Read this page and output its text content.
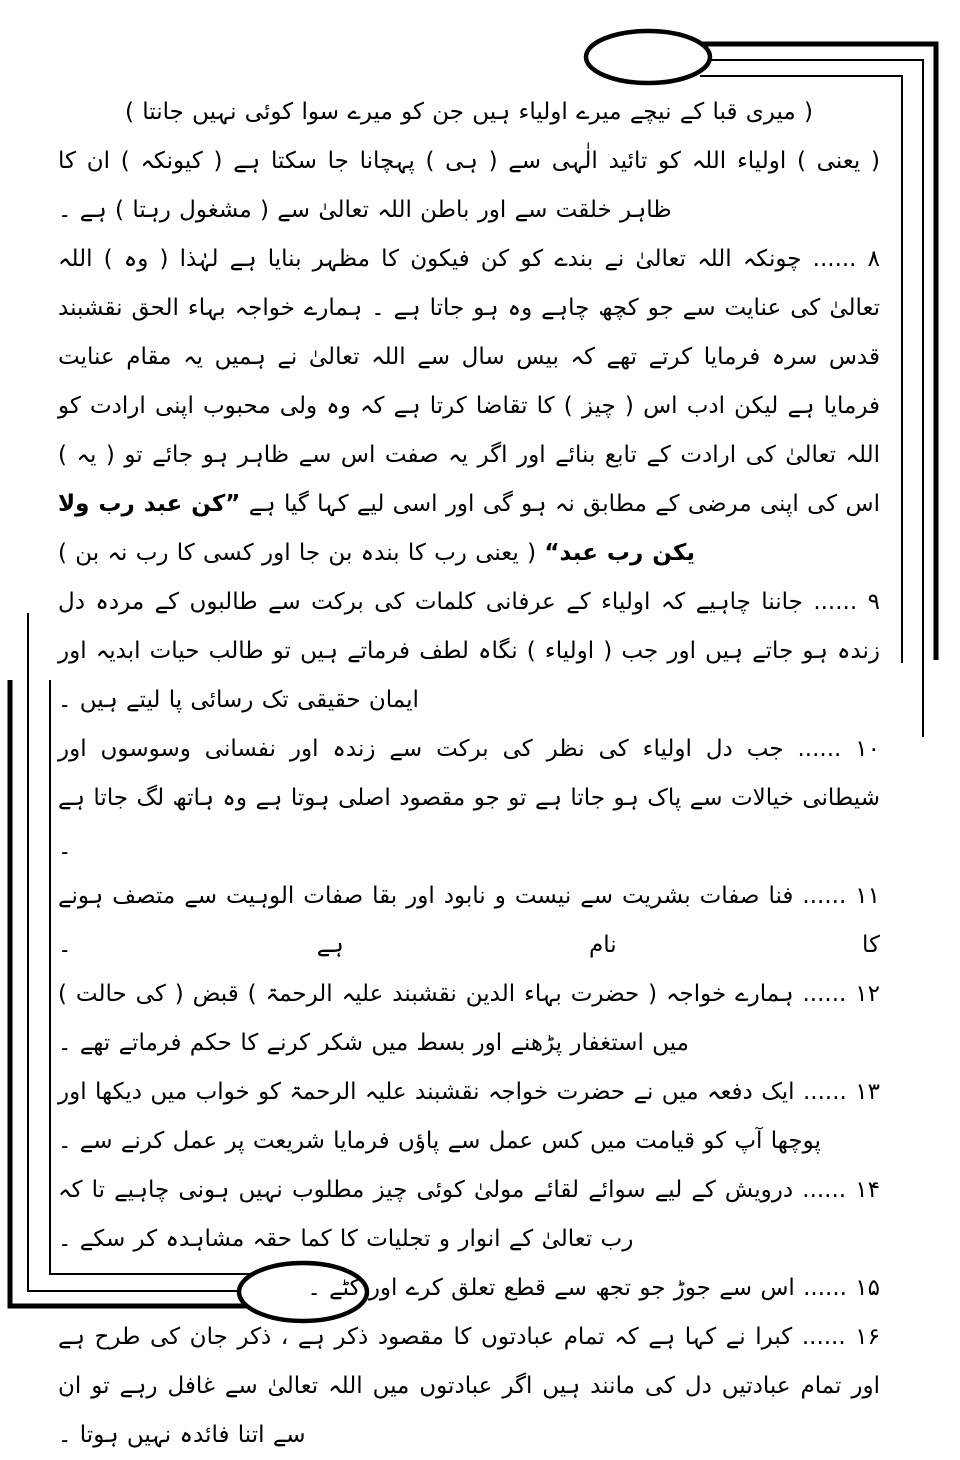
( میری قبا کے نیچے میرے اولیاء ہیں جن کو میرے سوا کوئی نہیں جانتا )

( یعنی ) اولیاء اللہ کو تائید الٰہی سے ( ہی ) پہچانا جا سکتا ہے ( کیونکہ ) ان کا ظاہر خلقت سے اور باطن اللہ تعالیٰ سے ( مشغول رہتا ) ہے ۔

۸ ...... چونکہ اللہ تعالیٰ نے بندے کو کن فیکون کا مظہر بنایا ہے لہٰذا ( وہ ) اللہ تعالیٰ کی عنایت سے جو کچھ چاہے وہ ہو جاتا ہے ۔ ہمارے خواجہ بہاء الحق نقشبند قدس سرہ فرمایا کرتے تھے کہ بیس سال سے اللہ تعالیٰ نے ہمیں یہ مقام عنایت فرمایا ہے لیکن ادب اس ( چیز ) کا تقاضا کرتا ہے کہ وہ ولی محبوب اپنی ارادت کو اللہ تعالیٰ کی ارادت کے تابع بنائے اور اگر یہ صفت اس سے ظاہر ہو جائے تو ( یہ ) اس کی اپنی مرضی کے مطابق نہ ہو گی اور اسی لیے کہا گیا ہے ”کن عبد رب ولا یکن رب عبد“ ( یعنی رب کا بندہ بن جا اور کسی کا رب نہ بن )

۹ ...... جاننا چاہیے کہ اولیاء کے عرفانی کلمات کی برکت سے طالبوں کے مردہ دل زندہ ہو جاتے ہیں اور جب ( اولیاء ) نگاہ لطف فرماتے ہیں تو طالب حیات ابدیہ اور ایمان حقیقی تک رسائی پا لیتے ہیں ۔

۱۰ ...... جب دل اولیاء کی نظر کی برکت سے زندہ اور نفسانی وسوسوں اور شیطانی خیالات سے پاک ہو جاتا ہے تو جو مقصود اصلی ہوتا ہے وہ ہاتھ لگ جاتا ہے ۔

۱۱ ...... فنا صفات بشریت سے نیست و نابود اور بقا صفات الوہیت سے متصف ہونے کا نام ہے ۔

۱۲ ...... ہمارے خواجہ ( حضرت بہاء الدین نقشبند علیہ الرحمۃ ) قبض ( کی حالت ) میں استغفار پڑھنے اور بسط میں شکر کرنے کا حکم فرماتے تھے ۔

۱۳ ...... ایک دفعہ میں نے حضرت خواجہ نقشبند علیہ الرحمۃ کو خواب میں دیکھا اور پوچھا آپ کو قیامت میں کس عمل سے پاؤں فرمایا شریعت پر عمل کرنے سے ۔

۱۴ ...... درویش کے لیے سوائے لقائے مولیٰ کوئی چیز مطلوب نہیں ہونی چاہیے تا کہ رب تعالیٰ کے انوار و تجلیات کا کما حقہ مشاہدہ کر سکے ۔

۱۵ ...... اس سے جوڑ جو تجھ سے قطع تعلق کرے اور کٹے ۔

۱۶ ...... کبرا نے کہا ہے کہ تمام عبادتوں کا مقصود ذکر ہے ، ذکر جان کی طرح ہے اور تمام عبادتیں دل کی مانند ہیں اگر عبادتوں میں اللہ تعالیٰ سے غافل رہے تو ان سے اتنا فائدہ نہیں ہوتا ۔
